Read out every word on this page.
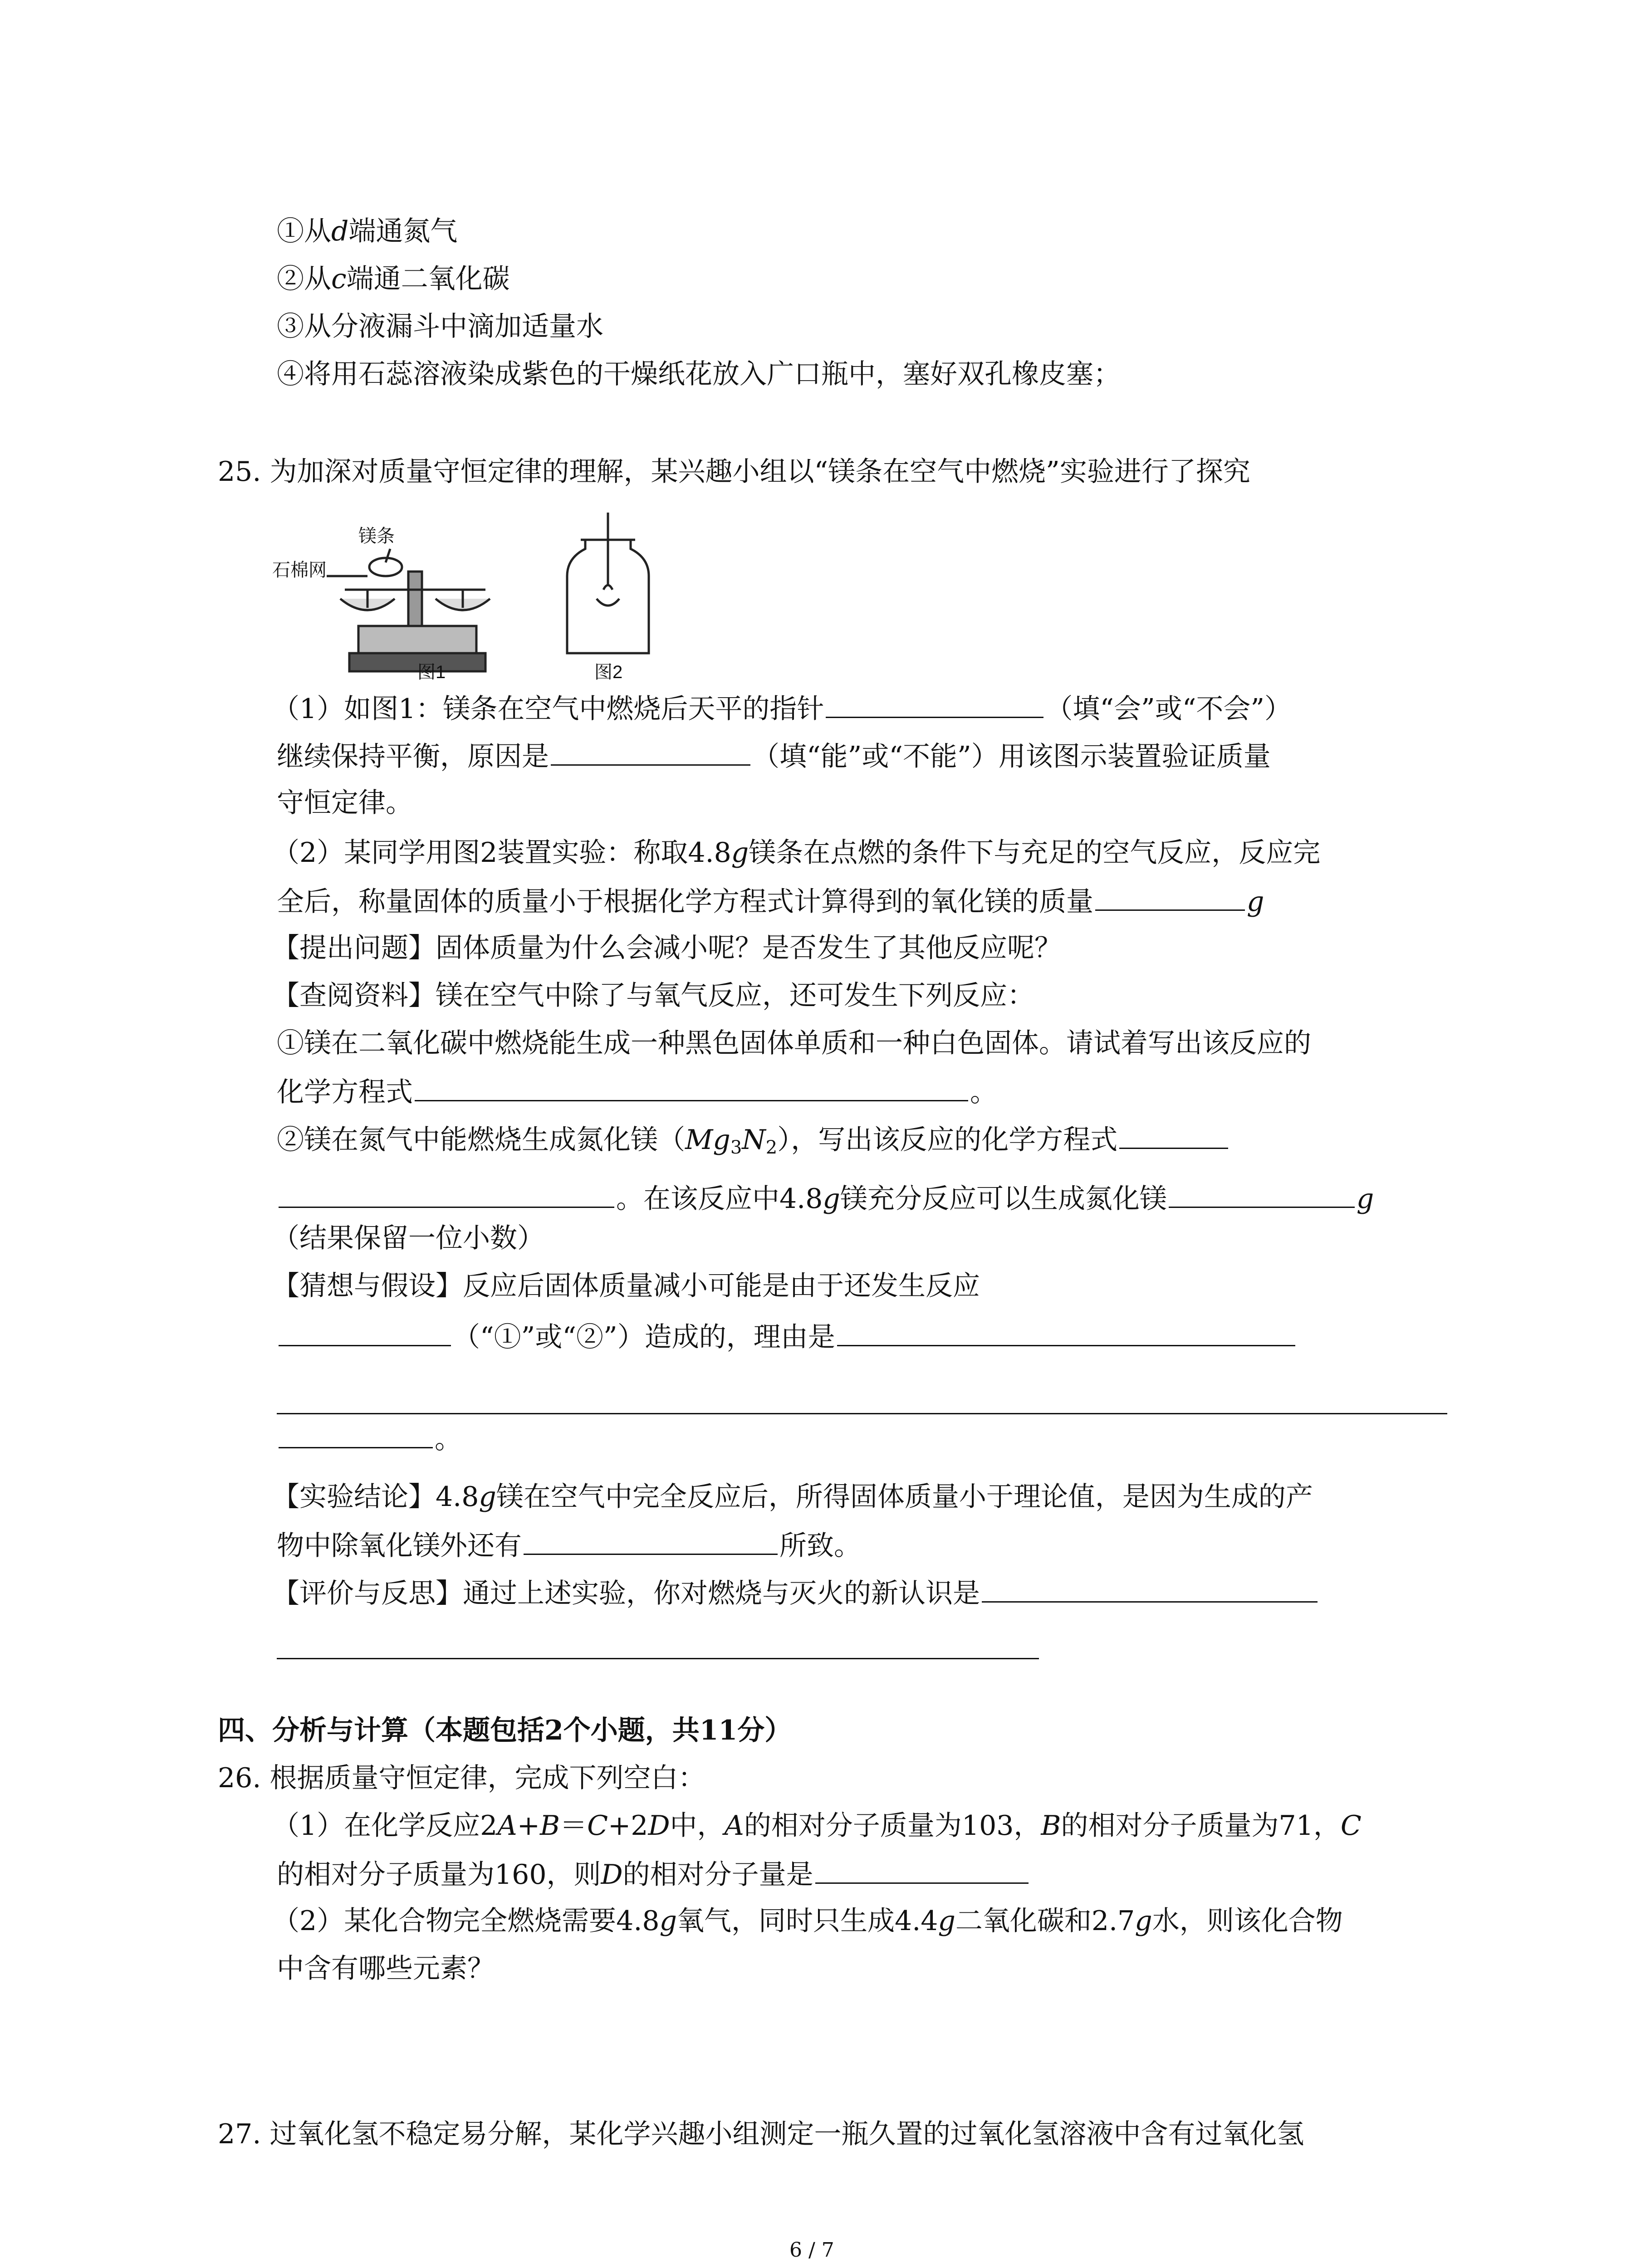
①从d端通氮气
②从c端通二氧化碳
③从分液漏斗中滴加适量水
④将用石蕊溶液染成紫色的干燥纸花放入广口瓶中，塞好双孔橡皮塞；
25. 为加深对质量守恒定律的理解，某兴趣小组以“镁条在空气中燃烧”实验进行了探究
镁条
石棉网
图1	图2
（1）如图1：镁条在空气中燃烧后天平的指针	（填“会”或“不会”）
继续保持平衡，原因是	（填“能”或“不能”）用该图示装置验证质量
守恒定律。
（2）某同学用图2装置实验：称取4.8g镁条在点燃的条件下与充足的空气反应，反应完
全后，称量固体的质量小于根据化学方程式计算得到的氧化镁的质量	g
【提出问题】固体质量为什么会减小呢？是否发生了其他反应呢？
【查阅资料】镁在空气中除了与氧气反应，还可发生下列反应：
①镁在二氧化碳中燃烧能生成一种黑色固体单质和一种白色固体。请试着写出该反应的
化学方程式	。
②镁在氮气中能燃烧生成氮化镁$(Mg_3N_2)$，写出该反应的化学方程式
。在该反应中4.8g镁充分反应可以生成氮化镁	g
（结果保留一位小数）
【猜想与假设】反应后固体质量减小可能是由于还发生反应
（“①”或“②”）造成的，理由是
。
【实验结论】4.8g镁在空气中完全反应后，所得固体质量小于理论值，是因为生成的产
物中除氧化镁外还有	所致。
【评价与反思】通过上述实验，你对燃烧与灭火的新认识是
四、分析与计算（本题包括2个小题，共11分）
26. 根据质量守恒定律，完成下列空白：
（1）在化学反应2A+B＝C+2D中，A的相对分子质量为103，B的相对分子质量为71，C
的相对分子质量为160，则D的相对分子量是
（2）某化合物完全燃烧需要4.8g氧气，同时只生成4.4g二氧化碳和2.7g水，则该化合物
中含有哪些元素？
27. 过氧化氢不稳定易分解，某化学兴趣小组测定一瓶久置的过氧化氢溶液中含有过氧化氢
6 / 7
